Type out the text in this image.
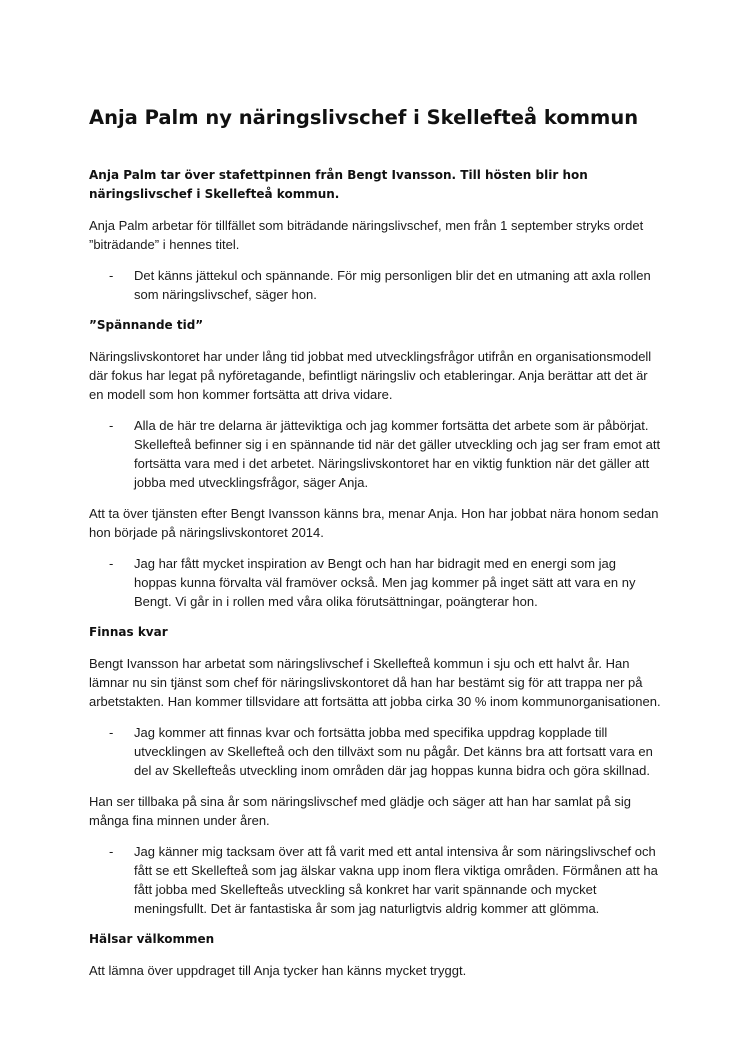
Anja Palm ny näringslivschef i Skellefteå kommun
Anja Palm tar över stafettpinnen från Bengt Ivansson. Till hösten blir hon näringslivschef i Skellefteå kommun.

Anja Palm arbetar för tillfället som biträdande näringslivschef, men från 1 september stryks ordet ”biträdande” i hennes titel.

- Det känns jättekul och spännande. För mig personligen blir det en utmaning att axla rollen som näringslivschef, säger hon.
”Spännande tid”

Näringslivskontoret har under lång tid jobbat med utvecklingsfrågor utifrån en organisationsmodell där fokus har legat på nyföretagande, befintligt näringsliv och etableringar. Anja berättar att det är en modell som hon kommer fortsätta att driva vidare.

- Alla de här tre delarna är jätteviktiga och jag kommer fortsätta det arbete som är påbörjat. Skellefteå befinner sig i en spännande tid när det gäller utveckling och jag ser fram emot att fortsätta vara med i det arbetet. Näringslivskontoret har en viktig funktion när det gäller att jobba med utvecklingsfrågor, säger Anja.

Att ta över tjänsten efter Bengt Ivansson känns bra, menar Anja. Hon har jobbat nära honom sedan hon började på näringslivskontoret 2014.

- Jag har fått mycket inspiration av Bengt och han har bidragit med en energi som jag hoppas kunna förvalta väl framöver också. Men jag kommer på inget sätt att vara en ny Bengt. Vi går in i rollen med våra olika förutsättningar, poängterar hon.
Finnas kvar

Bengt Ivansson har arbetat som näringslivschef i Skellefteå kommun i sju och ett halvt år. Han lämnar nu sin tjänst som chef för näringslivskontoret då han har bestämt sig för att trappa ner på arbetstakten. Han kommer tillsvidare att fortsätta att jobba cirka 30 % inom kommunorganisationen.

- Jag kommer att finnas kvar och fortsätta jobba med specifika uppdrag kopplade till utvecklingen av Skellefteå och den tillväxt som nu pågår. Det känns bra att fortsatt vara en del av Skellefteås utveckling inom områden där jag hoppas kunna bidra och göra skillnad.

Han ser tillbaka på sina år som näringslivschef med glädje och säger att han har samlat på sig många fina minnen under åren.

- Jag känner mig tacksam över att få varit med ett antal intensiva år som näringslivschef och fått se ett Skellefteå som jag älskar vakna upp inom flera viktiga områden. Förmånen att ha fått jobba med Skellefteås utveckling så konkret har varit spännande och mycket meningsfullt. Det är fantastiska år som jag naturligtvis aldrig kommer att glömma.
Hälsar välkommen

Att lämna över uppdraget till Anja tycker han känns mycket tryggt.
